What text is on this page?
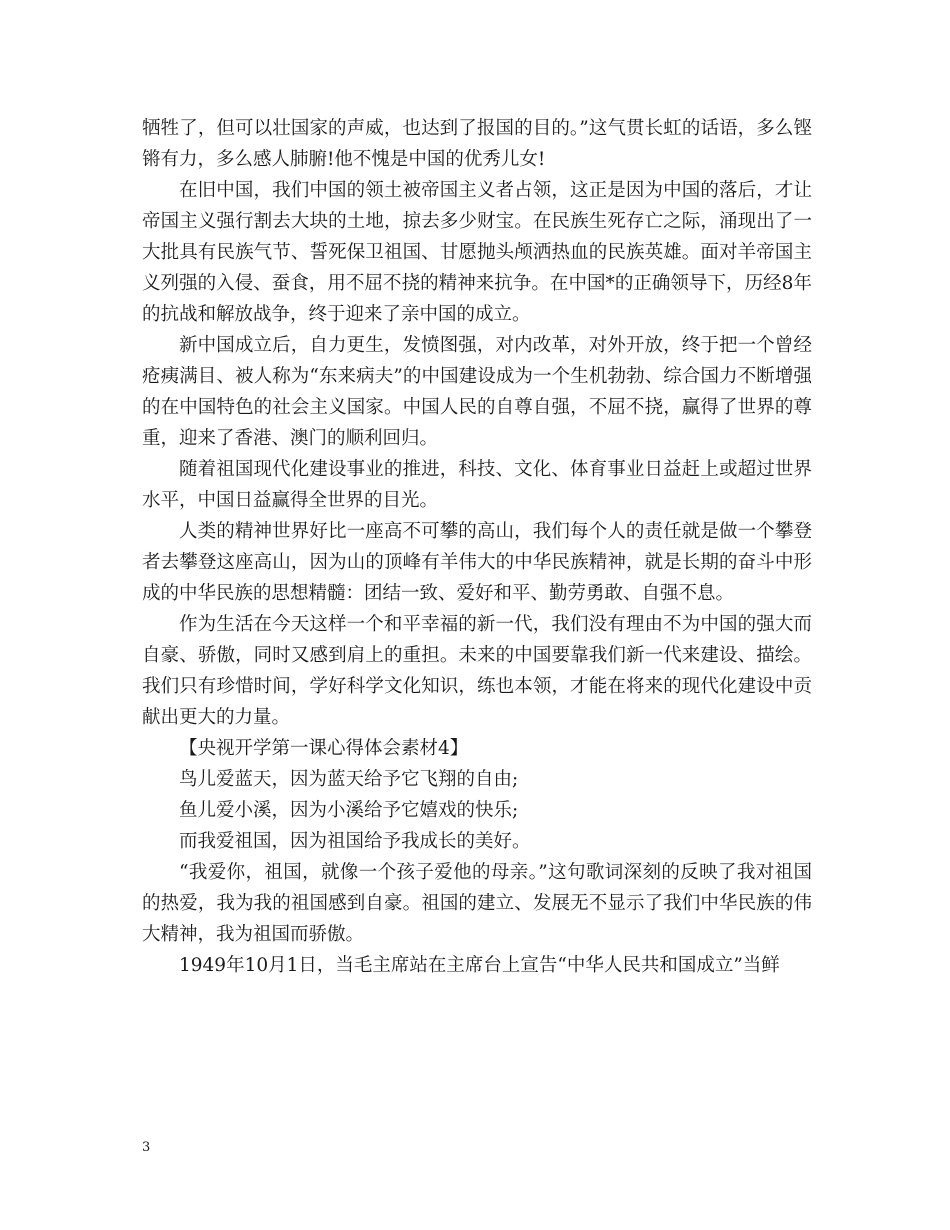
牺牲了，但可以壮国家的声威，也达到了报国的目的。”这气贯长虹的话语，多么铿锵有力，多么感人肺腑!他不愧是中国的优秀儿女!

在旧中国，我们中国的领土被帝国主义者占领，这正是因为中国的落后，才让帝国主义强行割去大块的土地，掠去多少财宝。在民族生死存亡之际，涌现出了一大批具有民族气节、誓死保卫祖国、甘愿抛头颅洒热血的民族英雄。面对羊帝国主义列强的入侵、蚕食，用不屈不挠的精神来抗争。在中国*的正确领导下，历经8年的抗战和解放战争，终于迎来了亲中国的成立。

新中国成立后，自力更生，发愤图强，对内改革，对外开放，终于把一个曾经疮痍满目、被人称为“东来病夫”的中国建设成为一个生机勃勃、综合国力不断增强的在中国特色的社会主义国家。中国人民的自尊自强，不屈不挠，赢得了世界的尊重，迎来了香港、澳门的顺利回归。

随着祖国现代化建设事业的推进，科技、文化、体育事业日益赶上或超过世界水平，中国日益赢得全世界的目光。

人类的精神世界好比一座高不可攀的高山，我们每个人的责任就是做一个攀登者去攀登这座高山，因为山的顶峰有羊伟大的中华民族精神，就是长期的奋斗中形成的中华民族的思想精髓：团结一致、爱好和平、勤劳勇敢、自强不息。

作为生活在今天这样一个和平幸福的新一代，我们没有理由不为中国的强大而自豪、骄傲，同时又感到肩上的重担。未来的中国要靠我们新一代来建设、描绘。我们只有珍惜时间，学好科学文化知识，练也本领，才能在将来的现代化建设中贡献出更大的力量。

【央视开学第一课心得体会素材4】

鸟儿爱蓝天，因为蓝天给予它飞翔的自由;

鱼儿爱小溪，因为小溪给予它嬉戏的快乐;

而我爱祖国，因为祖国给予我成长的美好。

“我爱你，祖国，就像一个孩子爱他的母亲。”这句歌词深刻的反映了我对祖国的热爱，我为我的祖国感到自豪。祖国的建立、发展无不显示了我们中华民族的伟大精神，我为祖国而骄傲。

1949年10月1日，当毛主席站在主席台上宣告“中华人民共和国成立”当鲜

3
